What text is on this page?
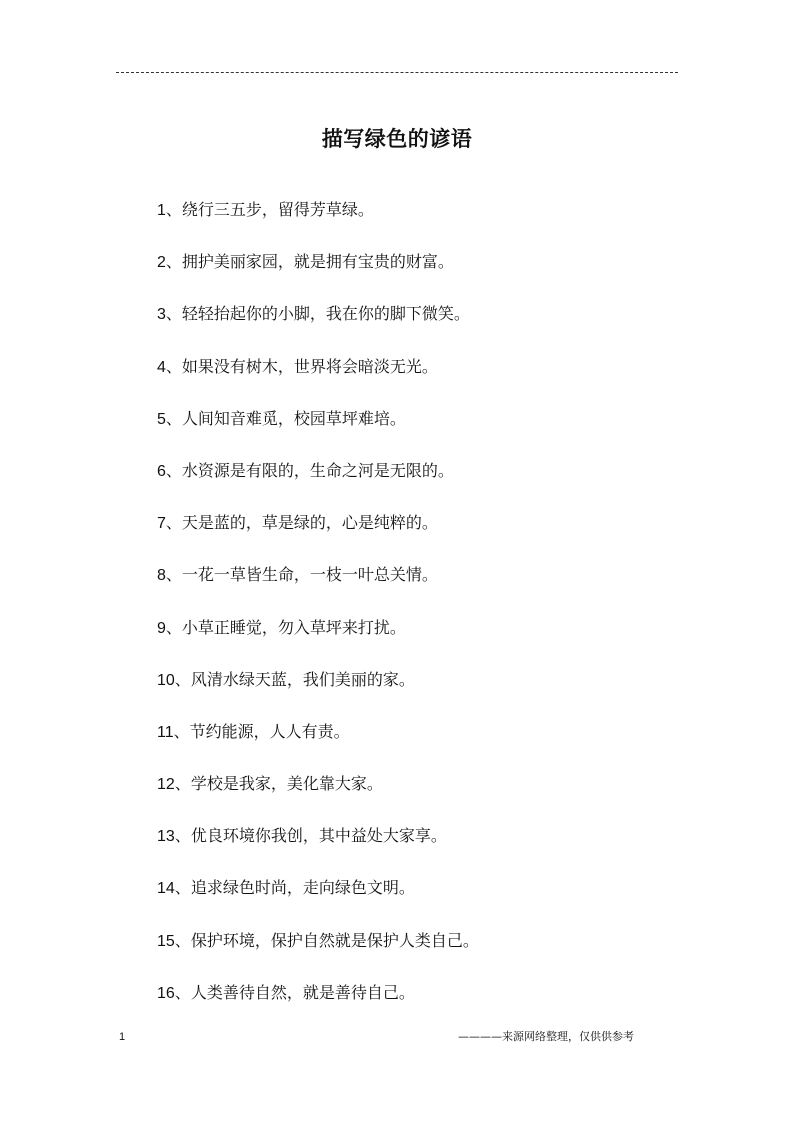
描写绿色的谚语
1、绕行三五步，留得芳草绿。
2、拥护美丽家园，就是拥有宝贵的财富。
3、轻轻抬起你的小脚，我在你的脚下微笑。
4、如果没有树木，世界将会暗淡无光。
5、人间知音难觅，校园草坪难培。
6、水资源是有限的，生命之河是无限的。
7、天是蓝的，草是绿的，心是纯粹的。
8、一花一草皆生命，一枝一叶总关情。
9、小草正睡觉，勿入草坪来打扰。
10、风清水绿天蓝，我们美丽的家。
11、节约能源，人人有责。
12、学校是我家，美化靠大家。
13、优良环境你我创，其中益处大家享。
14、追求绿色时尚，走向绿色文明。
15、保护环境，保护自然就是保护人类自己。
16、人类善待自然，就是善待自己。
1	————来源网络整理，仅供供参考
